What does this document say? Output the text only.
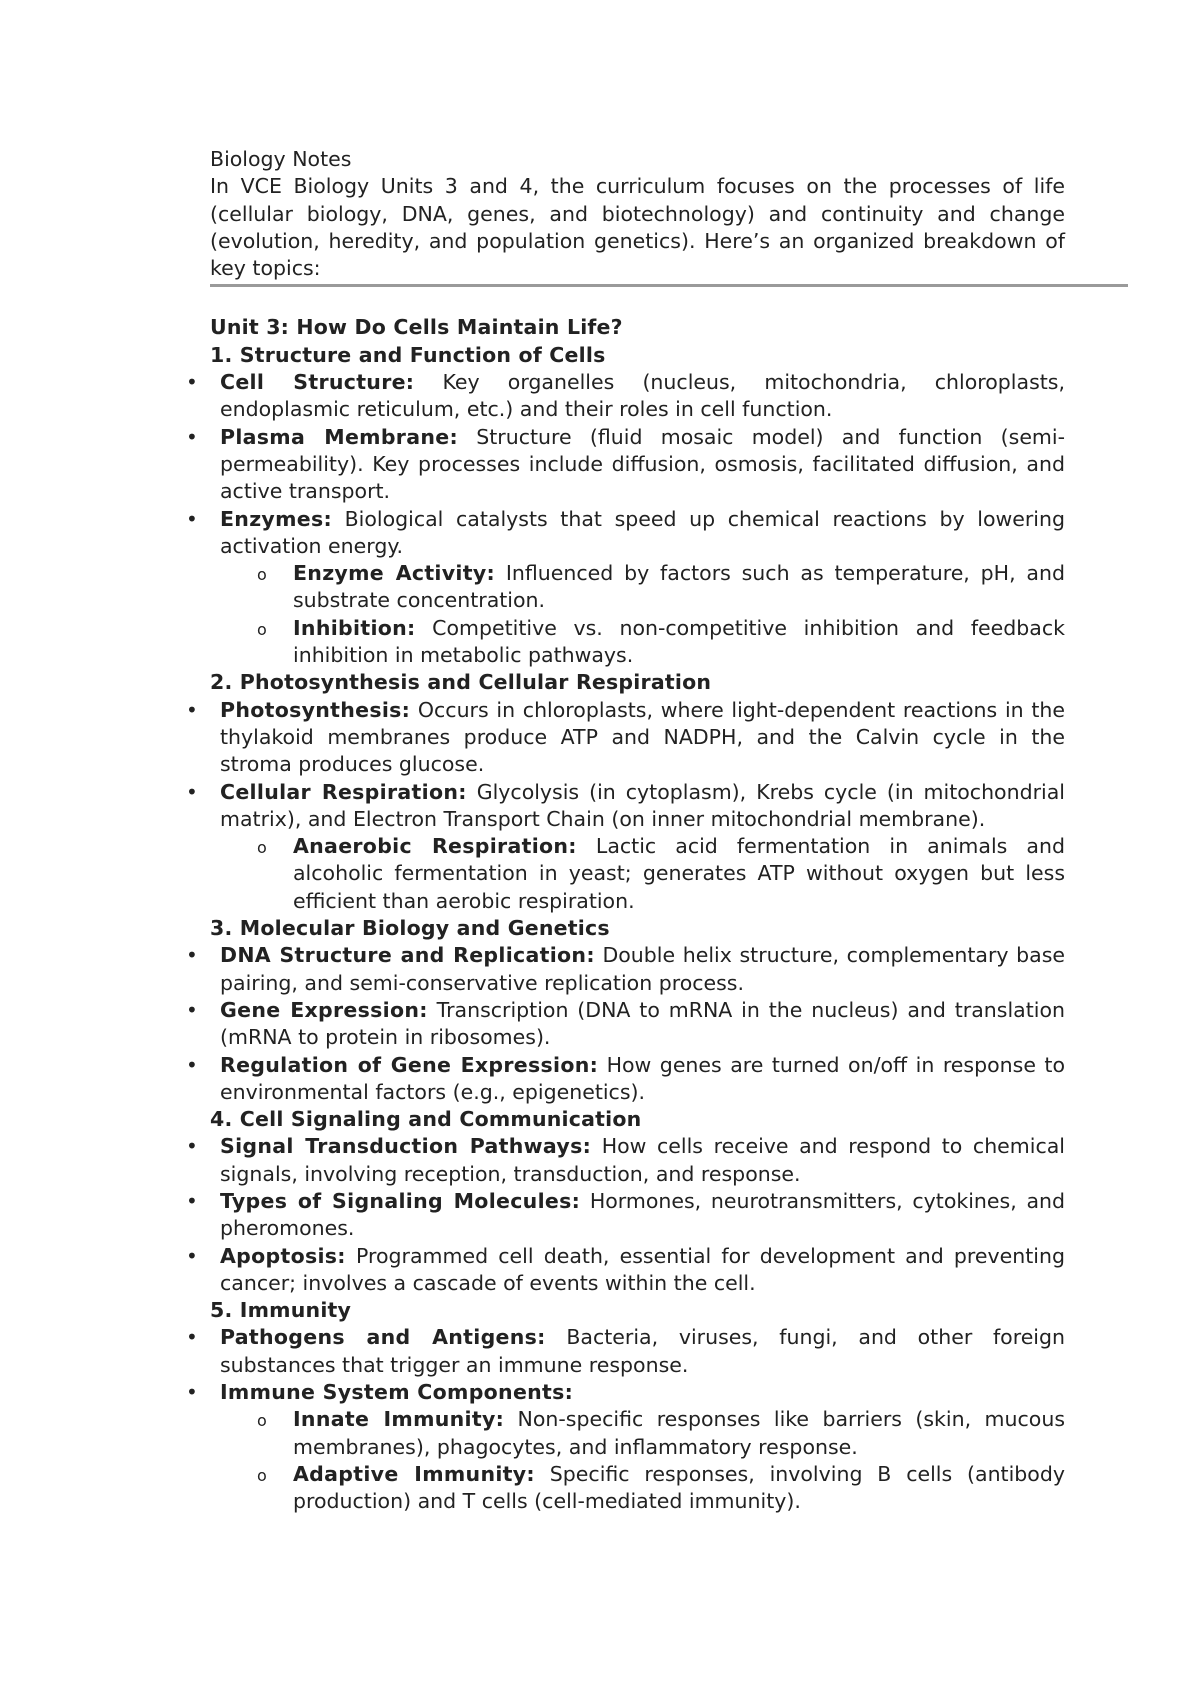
Biology Notes
In VCE Biology Units 3 and 4, the curriculum focuses on the processes of life (cellular biology, DNA, genes, and biotechnology) and continuity and change (evolution, heredity, and population genetics). Here’s an organized breakdown of key topics:
Unit 3: How Do Cells Maintain Life?
1. Structure and Function of Cells
• Cell Structure: Key organelles (nucleus, mitochondria, chloroplasts, endoplasmic reticulum, etc.) and their roles in cell function.
• Plasma Membrane: Structure (fluid mosaic model) and function (semi-permeability). Key processes include diffusion, osmosis, facilitated diffusion, and active transport.
• Enzymes: Biological catalysts that speed up chemical reactions by lowering activation energy.
o Enzyme Activity: Influenced by factors such as temperature, pH, and substrate concentration.
o Inhibition: Competitive vs. non-competitive inhibition and feedback inhibition in metabolic pathways.
2. Photosynthesis and Cellular Respiration
• Photosynthesis: Occurs in chloroplasts, where light-dependent reactions in the thylakoid membranes produce ATP and NADPH, and the Calvin cycle in the stroma produces glucose.
• Cellular Respiration: Glycolysis (in cytoplasm), Krebs cycle (in mitochondrial matrix), and Electron Transport Chain (on inner mitochondrial membrane).
o Anaerobic Respiration: Lactic acid fermentation in animals and alcoholic fermentation in yeast; generates ATP without oxygen but less efficient than aerobic respiration.
3. Molecular Biology and Genetics
• DNA Structure and Replication: Double helix structure, complementary base pairing, and semi-conservative replication process.
• Gene Expression: Transcription (DNA to mRNA in the nucleus) and translation (mRNA to protein in ribosomes).
• Regulation of Gene Expression: How genes are turned on/off in response to environmental factors (e.g., epigenetics).
4. Cell Signaling and Communication
• Signal Transduction Pathways: How cells receive and respond to chemical signals, involving reception, transduction, and response.
• Types of Signaling Molecules: Hormones, neurotransmitters, cytokines, and pheromones.
• Apoptosis: Programmed cell death, essential for development and preventing cancer; involves a cascade of events within the cell.
5. Immunity
• Pathogens and Antigens: Bacteria, viruses, fungi, and other foreign substances that trigger an immune response.
• Immune System Components:
o Innate Immunity: Non-specific responses like barriers (skin, mucous membranes), phagocytes, and inflammatory response.
o Adaptive Immunity: Specific responses, involving B cells (antibody production) and T cells (cell-mediated immunity).
